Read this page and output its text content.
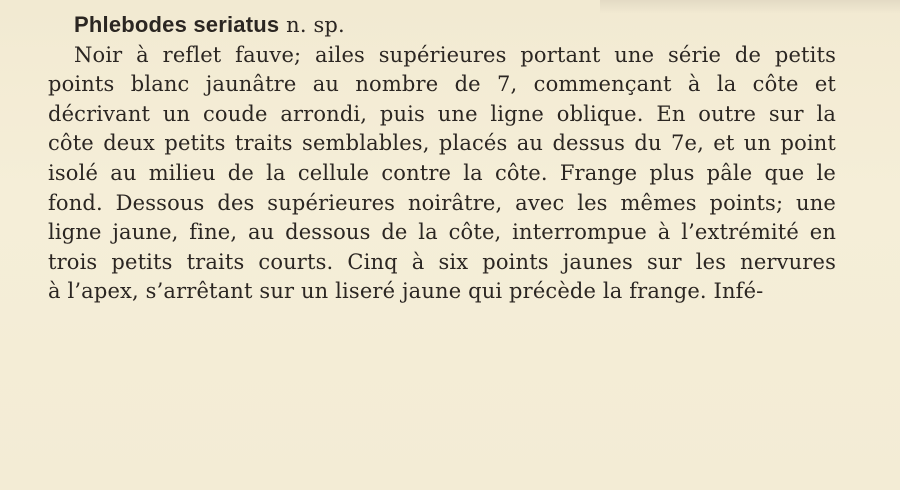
Phlebodes seriatus n. sp.
Noir à reflet fauve; ailes supérieures portant une série de petits
points blanc jaunâtre au nombre de 7, commençant à la côte et
décrivant un coude arrondi, puis une ligne oblique. En outre sur la
côte deux petits traits semblables, placés au dessus du 7e, et un point
isolé au milieu de la cellule contre la côte. Frange plus pâle que le
fond. Dessous des supérieures noirâtre, avec les mêmes points; une
ligne jaune, fine, au dessous de la côte, interrompue à l’extrémité en
trois petits traits courts. Cinq à six points jaunes sur les nervures
à l’apex, s’arrêtant sur un liseré jaune qui précède la frange. Infé-
